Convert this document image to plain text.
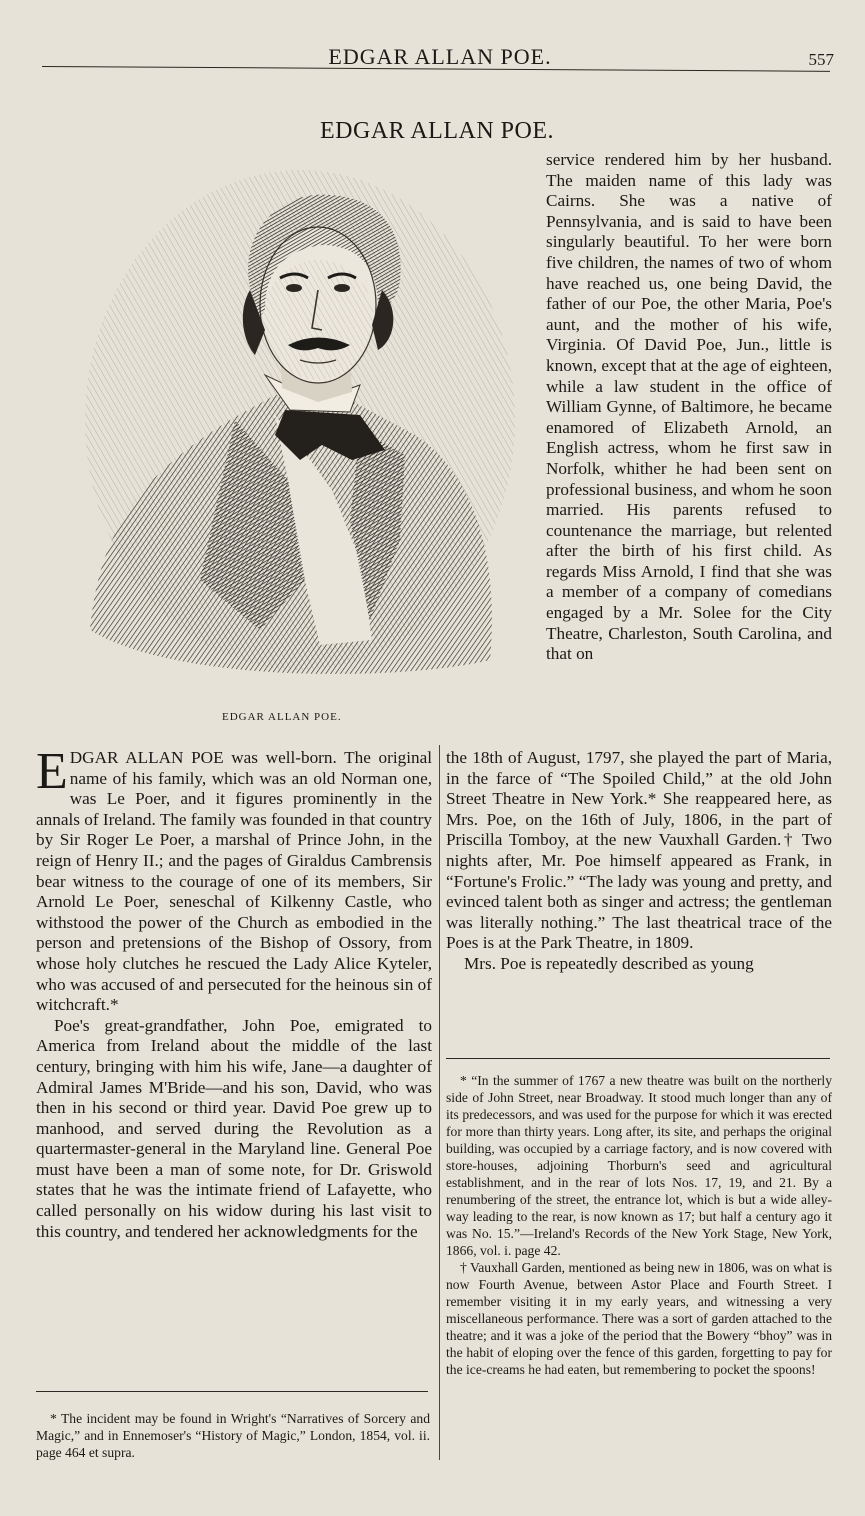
EDGAR ALLAN POE.	557
EDGAR ALLAN POE.
EDGAR ALLAN POE.

service rendered him by her husband. The maiden name of this lady was Cairns. She was a native of Pennsylvania, and is said to have been singularly beautiful. To her were born five children, the names of two of whom have reached us, one being David, the father of our Poe, the other Maria, Poe's aunt, and the mother of his wife, Virginia. Of David Poe, Jun., little is known, except that at the age of eighteen, while a law student in the office of William Gynne, of Baltimore, he became enamored of Elizabeth Arnold, an English actress, whom he first saw in Norfolk, whither he had been sent on professional business, and whom he soon married. His parents refused to countenance the marriage, but relented after the birth of his first child. As regards Miss Arnold, I find that she was a member of a company of comedians engaged by a Mr. Solee for the City Theatre, Charleston, South Carolina, and that on

EDGAR ALLAN POE was well-born. The original name of his family, which was an old Norman one, was Le Poer, and it figures prominently in the annals of Ireland. The family was founded in that country by Sir Roger Le Poer, a marshal of Prince John, in the reign of Henry II.; and the pages of Giraldus Cambrensis bear witness to the courage of one of its members, Sir Arnold Le Poer, seneschal of Kilkenny Castle, who withstood the power of the Church as embodied in the person and pretensions of the Bishop of Ossory, from whose holy clutches he rescued the Lady Alice Kyteler, who was accused of and persecuted for the heinous sin of witchcraft.*

Poe's great-grandfather, John Poe, emigrated to America from Ireland about the middle of the last century, bringing with him his wife, Jane—a daughter of Admiral James M'Bride—and his son, David, who was then in his second or third year. David Poe grew up to manhood, and served during the Revolution as a quartermaster-general in the Maryland line. General Poe must have been a man of some note, for Dr. Griswold states that he was the intimate friend of Lafayette, who called personally on his widow during his last visit to this country, and tendered her acknowledgments for the

the 18th of August, 1797, she played the part of Maria, in the farce of “The Spoiled Child,” at the old John Street Theatre in New York.* She reappeared here, as Mrs. Poe, on the 16th of July, 1806, in the part of Priscilla Tomboy, at the new Vauxhall Garden.† Two nights after, Mr. Poe himself appeared as Frank, in “Fortune's Frolic.” “The lady was young and pretty, and evinced talent both as singer and actress; the gentleman was literally nothing.” The last theatrical trace of the Poes is at the Park Theatre, in 1809.

Mrs. Poe is repeatedly described as young

* “In the summer of 1767 a new theatre was built on the northerly side of John Street, near Broadway. It stood much longer than any of its predecessors, and was used for the purpose for which it was erected for more than thirty years. Long after, its site, and perhaps the original building, was occupied by a carriage factory, and is now covered with store-houses, adjoining Thorburn's seed and agricultural establishment, and in the rear of lots Nos. 17, 19, and 21. By a renumbering of the street, the entrance lot, which is but a wide alley-way leading to the rear, is now known as 17; but half a century ago it was No. 15.”—Ireland's Records of the New York Stage, New York, 1866, vol. i. page 42.

† Vauxhall Garden, mentioned as being new in 1806, was on what is now Fourth Avenue, between Astor Place and Fourth Street. I remember visiting it in my early years, and witnessing a very miscellaneous performance. There was a sort of garden attached to the theatre; and it was a joke of the period that the Bowery “bhoy” was in the habit of eloping over the fence of this garden, forgetting to pay for the ice-creams he had eaten, but remembering to pocket the spoons!

* The incident may be found in Wright's “Narratives of Sorcery and Magic,” and in Ennemoser's “History of Magic,” London, 1854, vol. ii. page 464 et supra.
